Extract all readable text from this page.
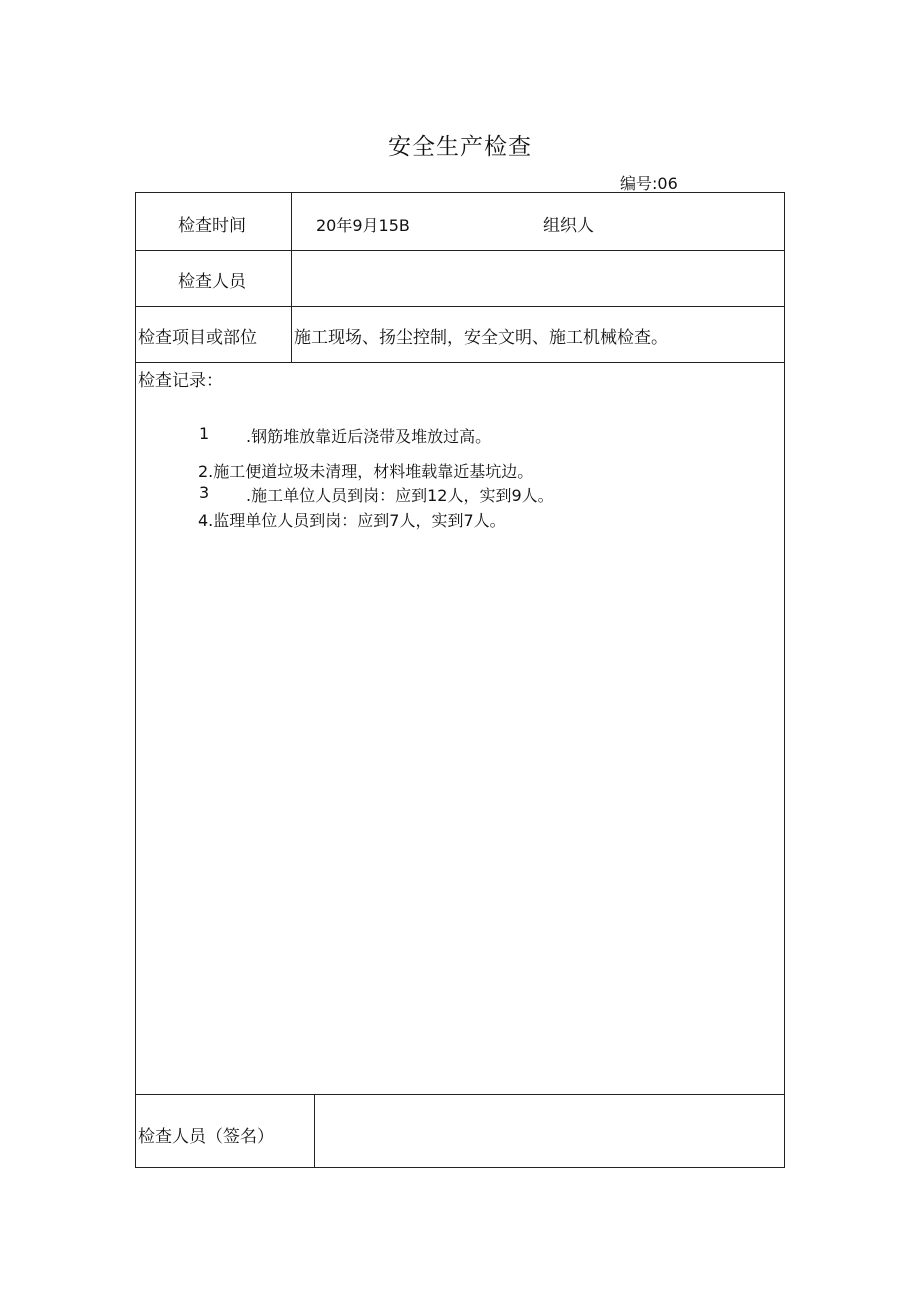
安全生产检查
编号:06
检查时间	20年9月15B	组织人
检查人员
检查项目或部位 施工现场、扬尘控制，安全文明、施工机械检查。
检查记录：
1 .钢筋堆放靠近后浇带及堆放过高。
2.施工便道垃圾未清理，材料堆载靠近基坑边。
3 .施工单位人员到岗：应到12人，实到9人。
4.监理单位人员到岗：应到7人，实到7人。
检查人员（签名）
